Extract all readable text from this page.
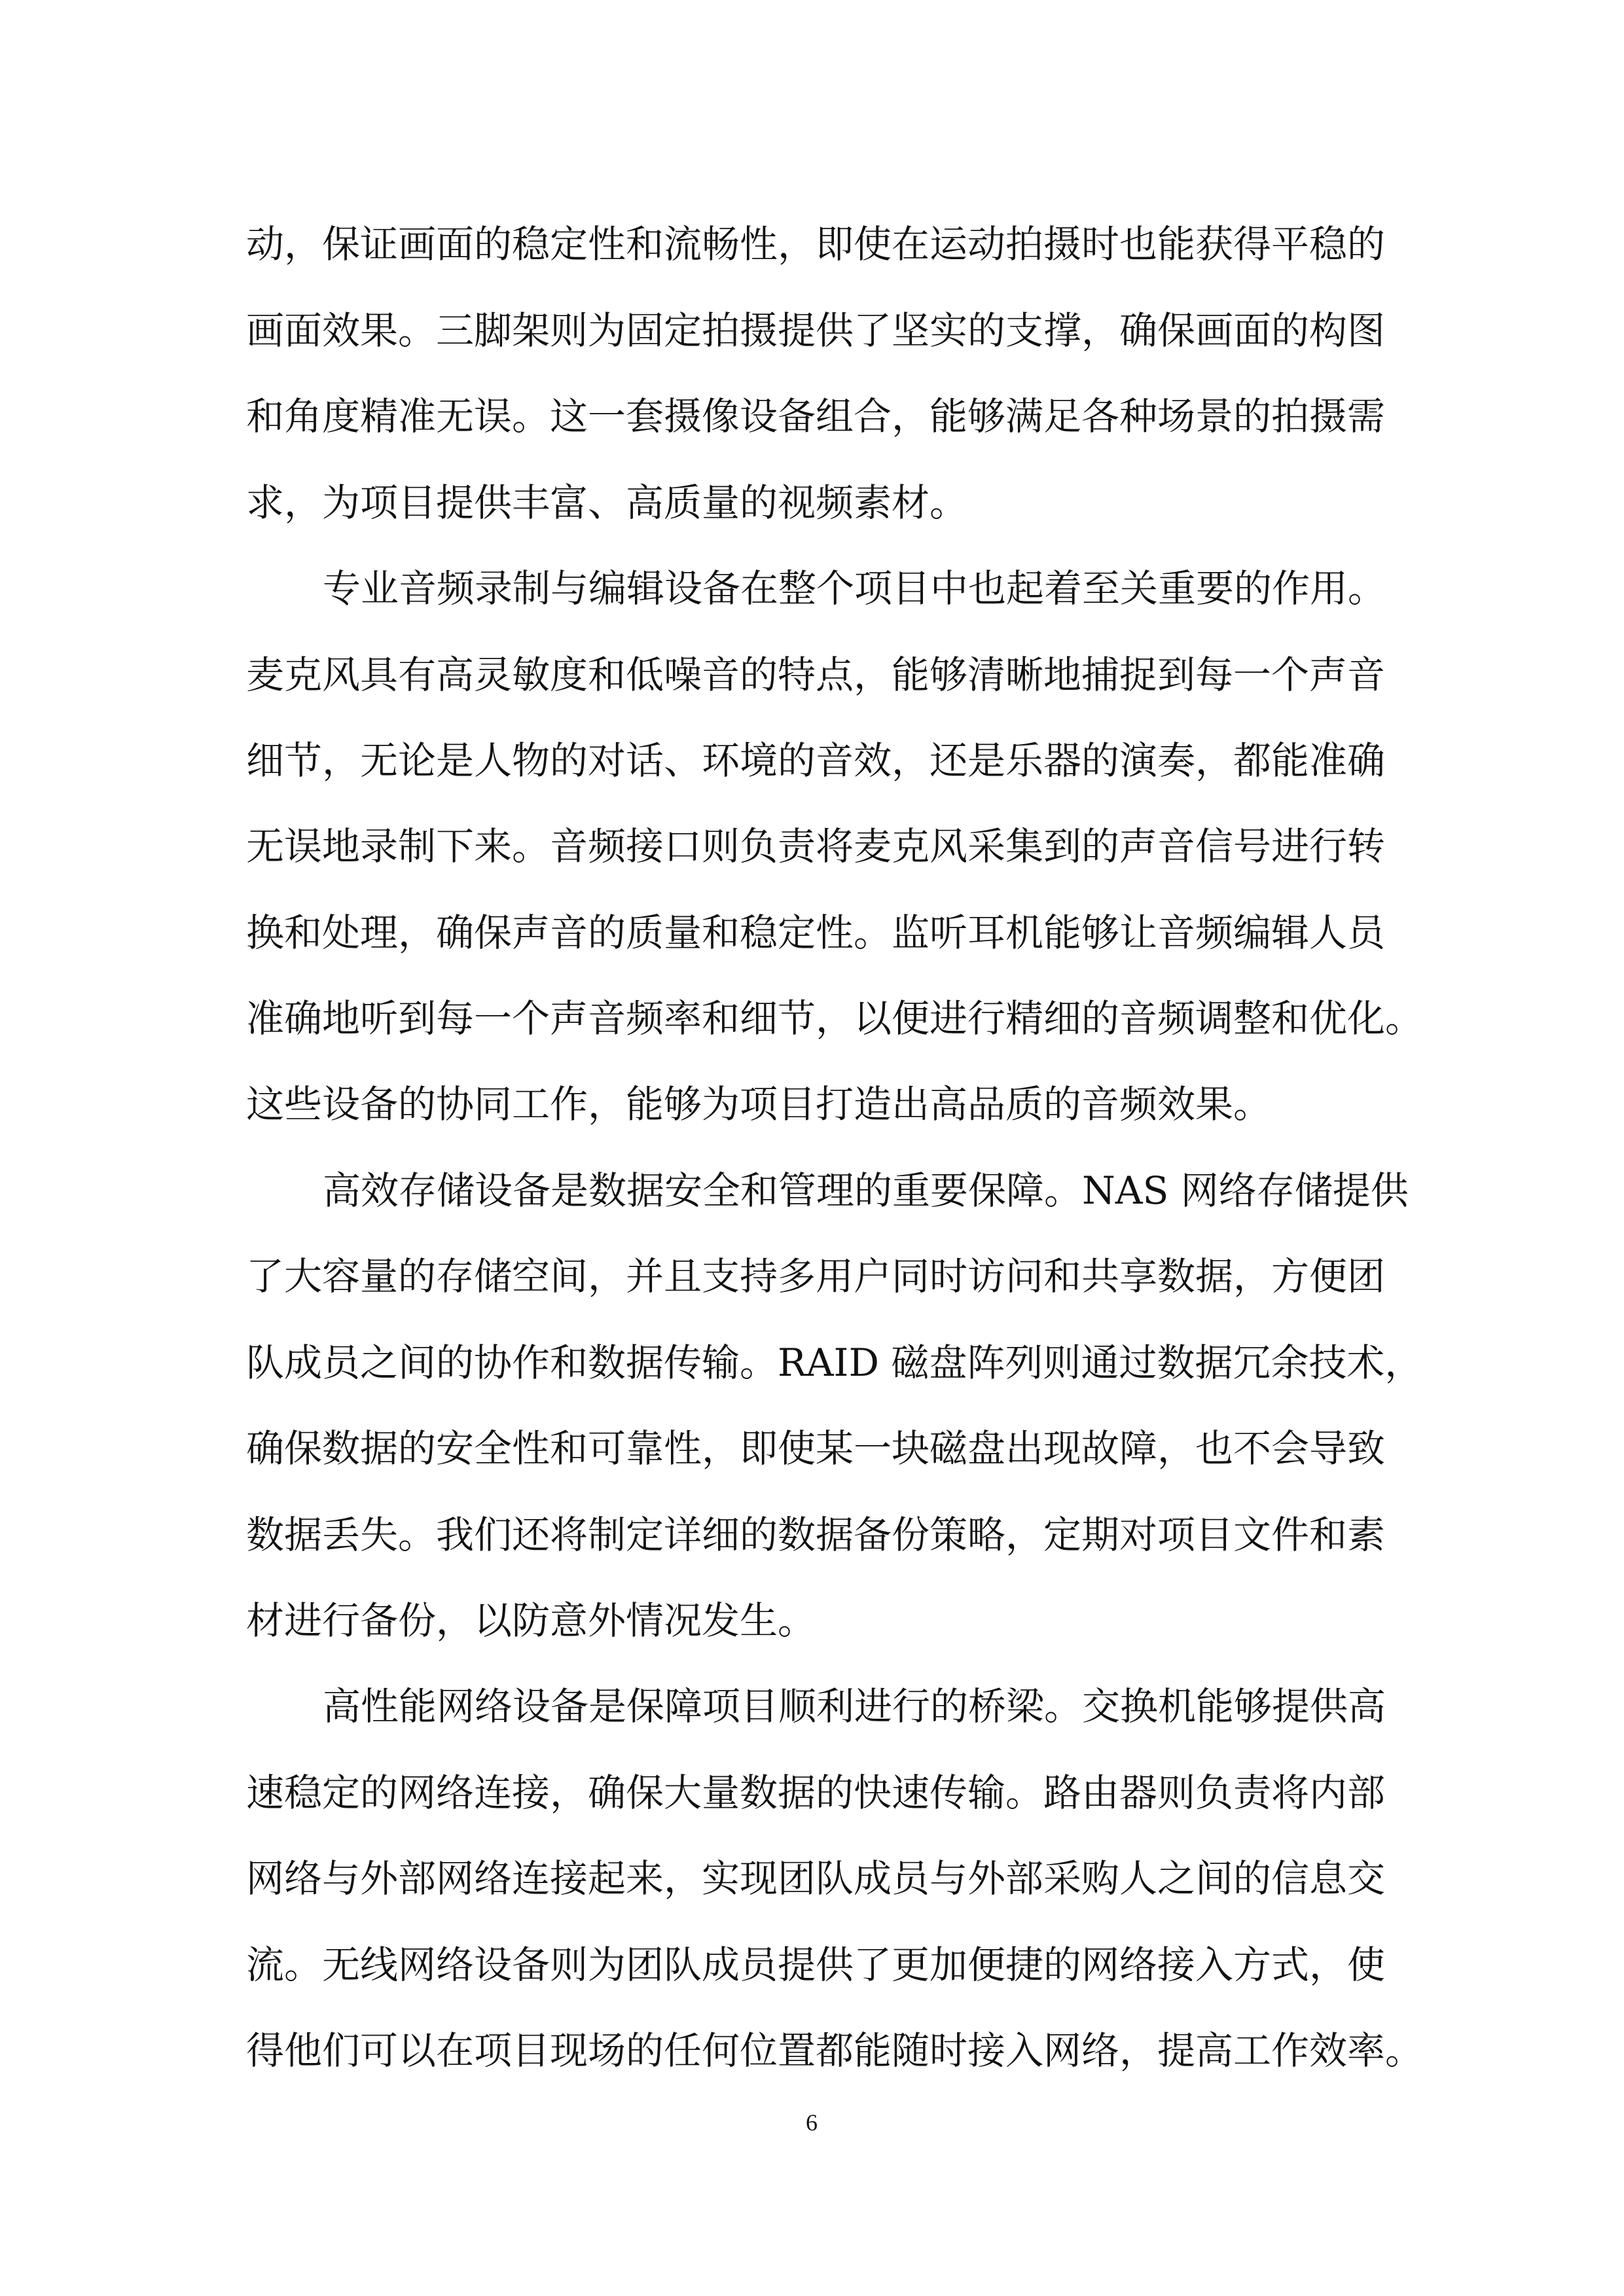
动，保证画面的稳定性和流畅性，即使在运动拍摄时也能获得平稳的
画面效果。三脚架则为固定拍摄提供了坚实的支撑，确保画面的构图
和角度精准无误。这一套摄像设备组合，能够满足各种场景的拍摄需
求，为项目提供丰富、高质量的视频素材。
专业音频录制与编辑设备在整个项目中也起着至关重要的作用。
麦克风具有高灵敏度和低噪音的特点，能够清晰地捕捉到每一个声音
细节，无论是人物的对话、环境的音效，还是乐器的演奏，都能准确
无误地录制下来。音频接口则负责将麦克风采集到的声音信号进行转
换和处理，确保声音的质量和稳定性。监听耳机能够让音频编辑人员
准确地听到每一个声音频率和细节，以便进行精细的音频调整和优化。
这些设备的协同工作，能够为项目打造出高品质的音频效果。
高效存储设备是数据安全和管理的重要保障。NAS 网络存储提供
了大容量的存储空间，并且支持多用户同时访问和共享数据，方便团
队成员之间的协作和数据传输。RAID 磁盘阵列则通过数据冗余技术，
确保数据的安全性和可靠性，即使某一块磁盘出现故障，也不会导致
数据丢失。我们还将制定详细的数据备份策略，定期对项目文件和素
材进行备份，以防意外情况发生。
高性能网络设备是保障项目顺利进行的桥梁。交换机能够提供高
速稳定的网络连接，确保大量数据的快速传输。路由器则负责将内部
网络与外部网络连接起来，实现团队成员与外部采购人之间的信息交
流。无线网络设备则为团队成员提供了更加便捷的网络接入方式，使
得他们可以在项目现场的任何位置都能随时接入网络，提高工作效率。
6
